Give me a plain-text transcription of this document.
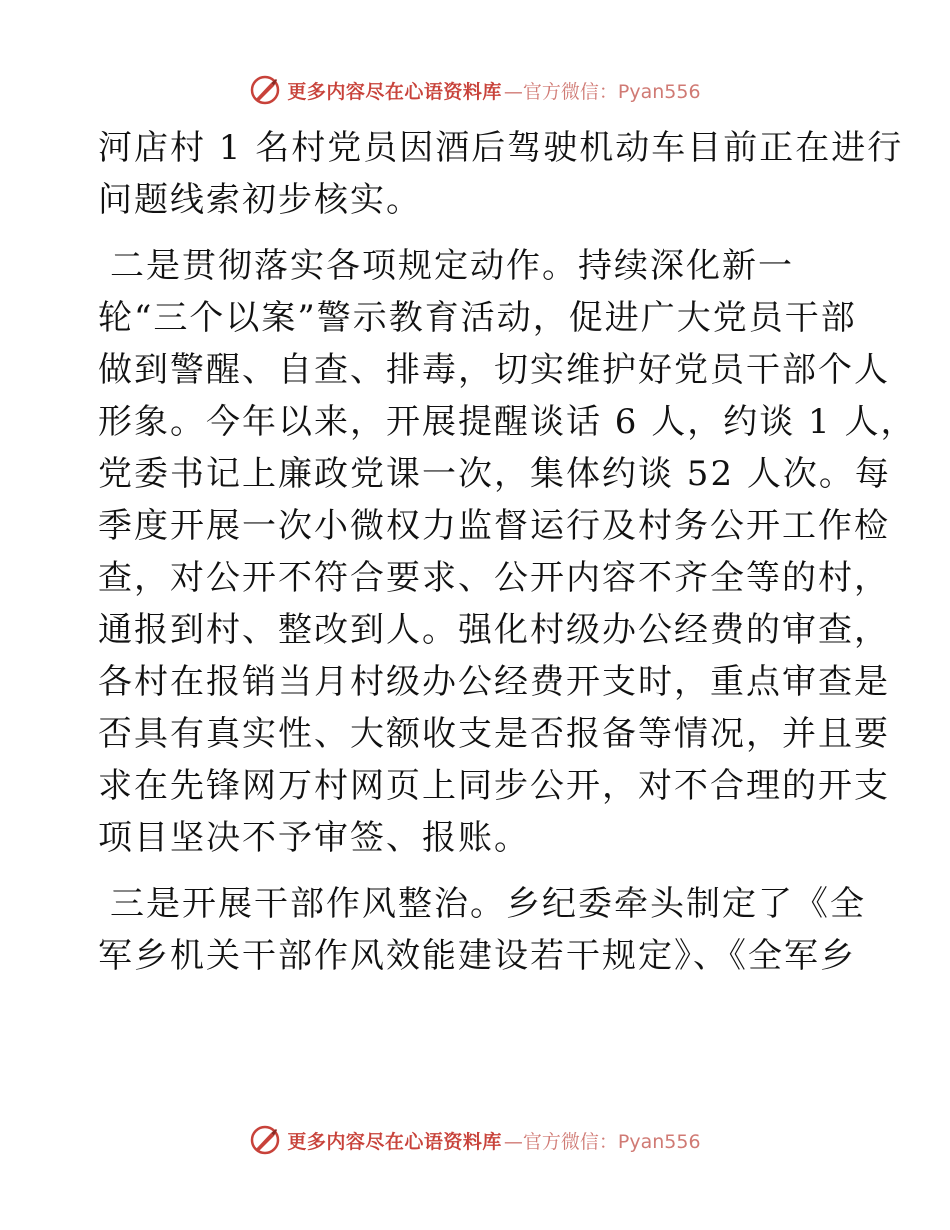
更多内容尽在心语资料库 —官方微信：Pyan556
河店村 1 名村党员因酒后驾驶机动车目前正在进行
问题线索初步核实。
二是贯彻落实各项规定动作。持续深化新一
轮“三个以案”警示教育活动，促进广大党员干部
做到警醒、自查、排毒，切实维护好党员干部个人
形象。今年以来，开展提醒谈话 6 人，约谈 1 人，
党委书记上廉政党课一次，集体约谈 52 人次。每
季度开展一次小微权力监督运行及村务公开工作检
查，对公开不符合要求、公开内容不齐全等的村，
通报到村、整改到人。强化村级办公经费的审查，
各村在报销当月村级办公经费开支时，重点审查是
否具有真实性、大额收支是否报备等情况，并且要
求在先锋网万村网页上同步公开，对不合理的开支
项目坚决不予审签、报账。
三是开展干部作风整治。乡纪委牵头制定了《全
军乡机关干部作风效能建设若干规定》、《全军乡
更多内容尽在心语资料库 —官方微信：Pyan556
